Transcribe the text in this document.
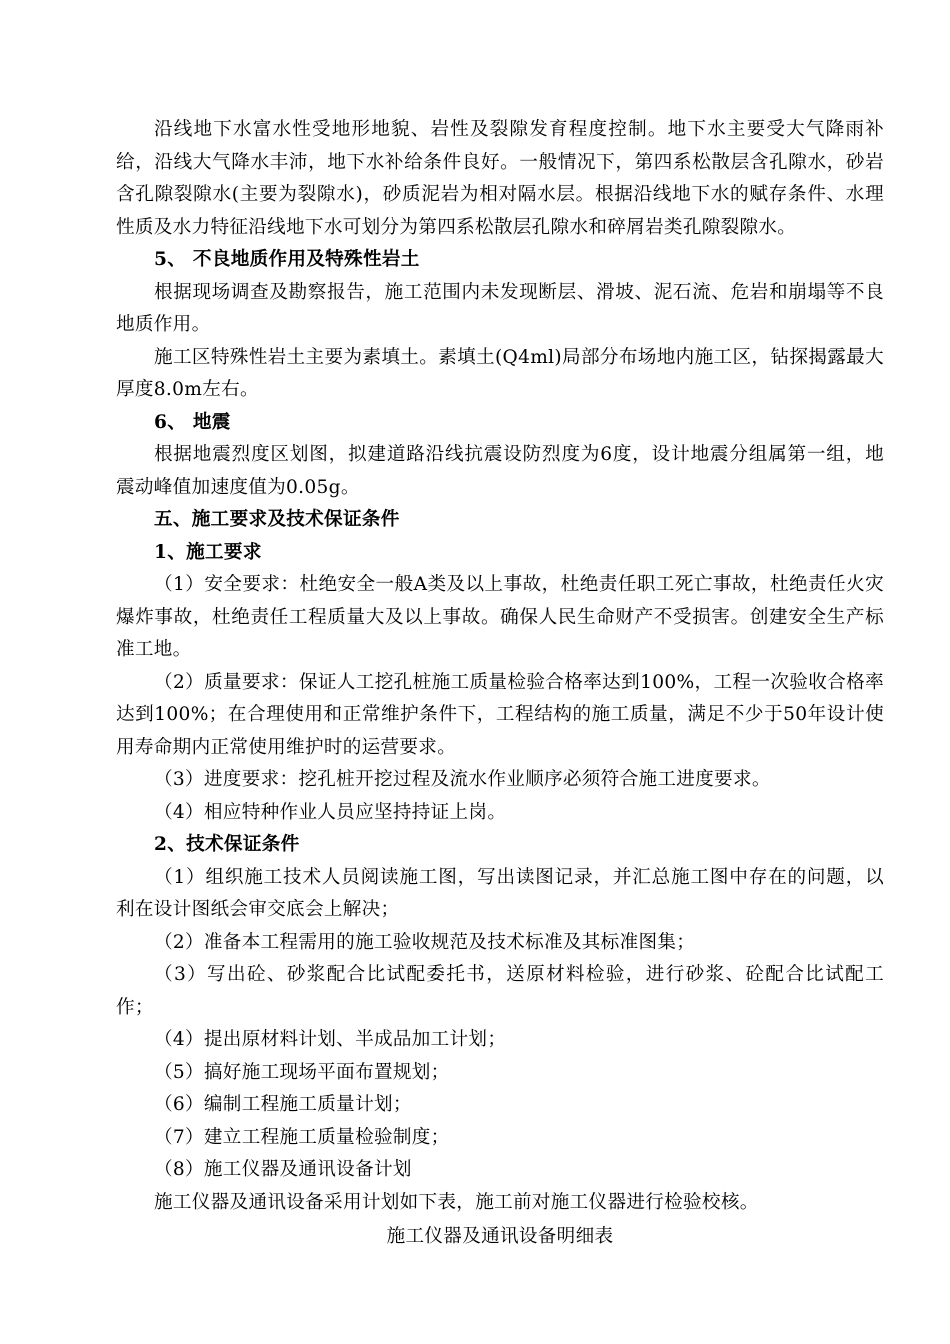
沿线地下水富水性受地形地貌、岩性及裂隙发育程度控制。地下水主要受大气降雨补给，沿线大气降水丰沛，地下水补给条件良好。一般情况下，第四系松散层含孔隙水，砂岩含孔隙裂隙水(主要为裂隙水)，砂质泥岩为相对隔水层。根据沿线地下水的赋存条件、水理性质及水力特征沿线地下水可划分为第四系松散层孔隙水和碎屑岩类孔隙裂隙水。

5、 不良地质作用及特殊性岩土

根据现场调查及勘察报告，施工范围内未发现断层、滑坡、泥石流、危岩和崩塌等不良地质作用。

施工区特殊性岩土主要为素填土。素填土(Q4ml)局部分布场地内施工区，钻探揭露最大厚度8.0m左右。

6、 地震

根据地震烈度区划图，拟建道路沿线抗震设防烈度为6度，设计地震分组属第一组，地震动峰值加速度值为0.05g。

五、施工要求及技术保证条件

1、施工要求

（1）安全要求：杜绝安全一般A类及以上事故，杜绝责任职工死亡事故，杜绝责任火灾爆炸事故，杜绝责任工程质量大及以上事故。确保人民生命财产不受损害。创建安全生产标准工地。

（2）质量要求：保证人工挖孔桩施工质量检验合格率达到100%，工程一次验收合格率达到100%；在合理使用和正常维护条件下，工程结构的施工质量，满足不少于50年设计使用寿命期内正常使用维护时的运营要求。

（3）进度要求：挖孔桩开挖过程及流水作业顺序必须符合施工进度要求。

（4）相应特种作业人员应坚持持证上岗。

2、技术保证条件

（1）组织施工技术人员阅读施工图，写出读图记录，并汇总施工图中存在的问题，以利在设计图纸会审交底会上解决；

（2）准备本工程需用的施工验收规范及技术标准及其标准图集；

（3）写出砼、砂浆配合比试配委托书，送原材料检验，进行砂浆、砼配合比试配工作；

（4）提出原材料计划、半成品加工计划；

（5）搞好施工现场平面布置规划；

（6）编制工程施工质量计划；

（7）建立工程施工质量检验制度；

（8）施工仪器及通讯设备计划

施工仪器及通讯设备采用计划如下表，施工前对施工仪器进行检验校核。

施工仪器及通讯设备明细表
